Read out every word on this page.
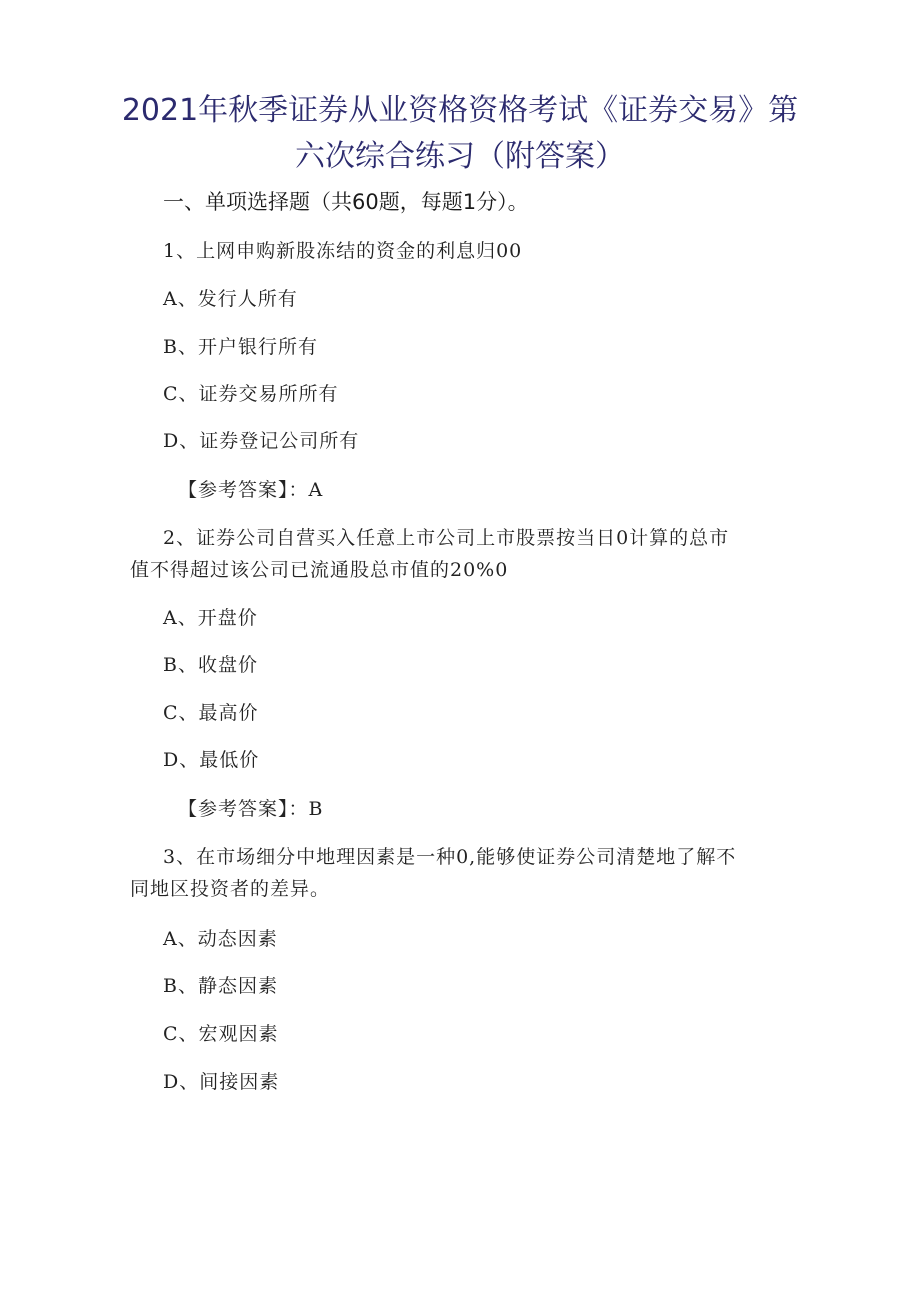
2021年秋季证券从业资格资格考试《证券交易》第
六次综合练习（附答案）
一、单项选择题（共60题，每题1分）。
1、上网申购新股冻结的资金的利息归00
A、发行人所有
B、开户银行所有
C、证券交易所所有
D、证券登记公司所有
【参考答案】：A
2、证券公司自营买入任意上市公司上市股票按当日0计算的总市
值不得超过该公司已流通股总市值的20%0
A、开盘价
B、收盘价
C、最高价
D、最低价
【参考答案】：B
3、在市场细分中地理因素是一种0,能够使证券公司清楚地了解不
同地区投资者的差异。
A、动态因素
B、静态因素
C、宏观因素
D、间接因素
